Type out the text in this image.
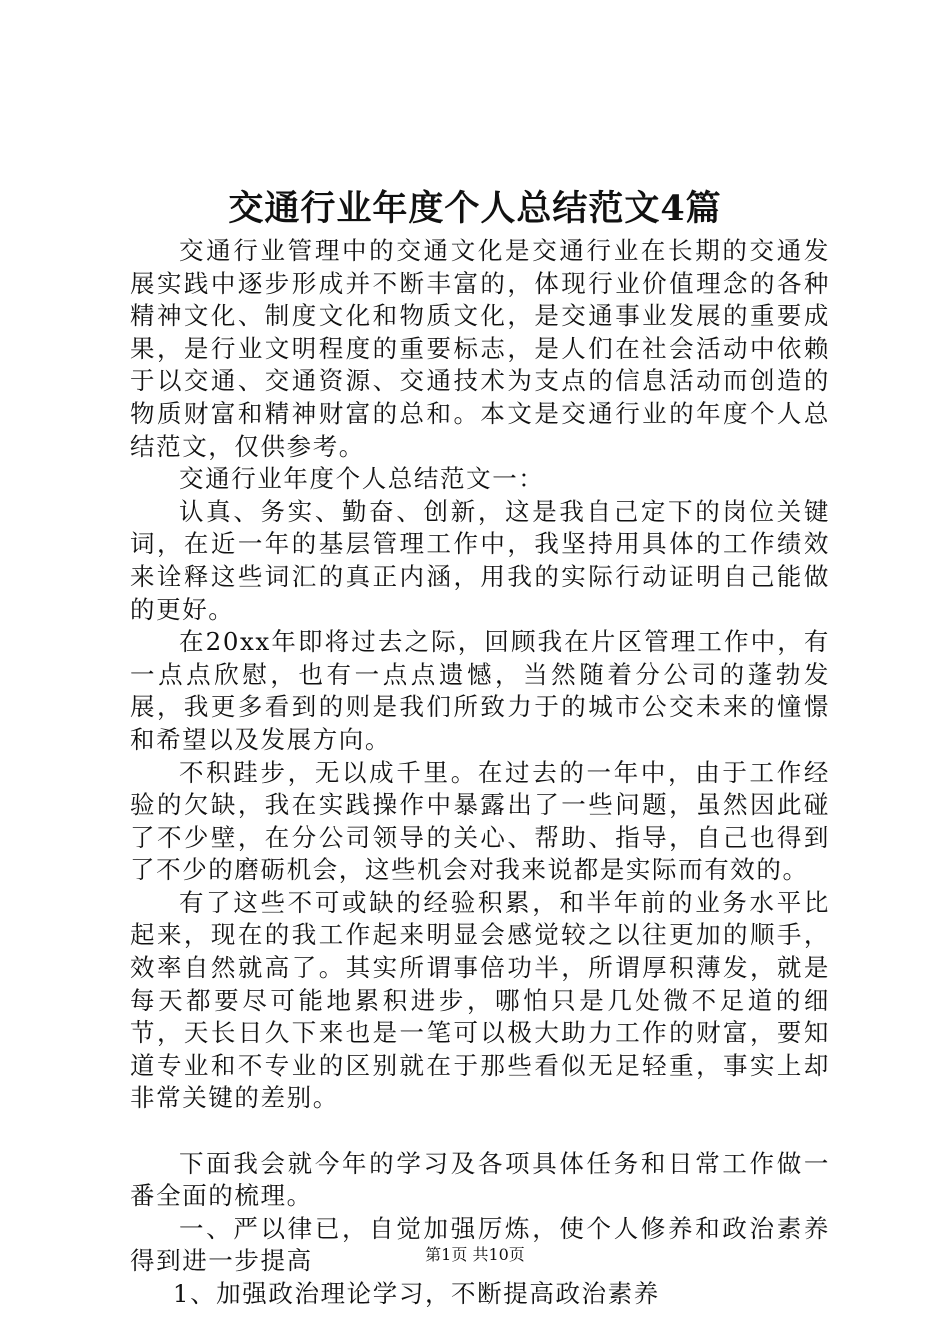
交通行业年度个人总结范文4篇

交通行业管理中的交通文化是交通行业在长期的交通发展实践中逐步形成并不断丰富的，体现行业价值理念的各种精神文化、制度文化和物质文化，是交通事业发展的重要成果，是行业文明程度的重要标志，是人们在社会活动中依赖于以交通、交通资源、交通技术为支点的信息活动而创造的物质财富和精神财富的总和。本文是交通行业的年度个人总结范文，仅供参考。

交通行业年度个人总结范文一：

认真、务实、勤奋、创新，这是我自己定下的岗位关键词，在近一年的基层管理工作中，我坚持用具体的工作绩效来诠释这些词汇的真正内涵，用我的实际行动证明自己能做的更好。

在20xx年即将过去之际，回顾我在片区管理工作中，有一点点欣慰，也有一点点遗憾，当然随着分公司的蓬勃发展，我更多看到的则是我们所致力于的城市公交未来的憧憬和希望以及发展方向。

不积跬步，无以成千里。在过去的一年中，由于工作经验的欠缺，我在实践操作中暴露出了一些问题，虽然因此碰了不少壁，在分公司领导的关心、帮助、指导，自己也得到了不少的磨砺机会，这些机会对我来说都是实际而有效的。

有了这些不可或缺的经验积累，和半年前的业务水平比起来，现在的我工作起来明显会感觉较之以往更加的顺手，效率自然就高了。其实所谓事倍功半，所谓厚积薄发，就是每天都要尽可能地累积进步，哪怕只是几处微不足道的细节，天长日久下来也是一笔可以极大助力工作的财富，要知道专业和不专业的区别就在于那些看似无足轻重，事实上却非常关键的差别。

下面我会就今年的学习及各项具体任务和日常工作做一番全面的梳理。

一、严以律已，自觉加强厉炼，使个人修养和政治素养得到进一步提高

1、加强政治理论学习，不断提高政治素养

第1页 共10页
